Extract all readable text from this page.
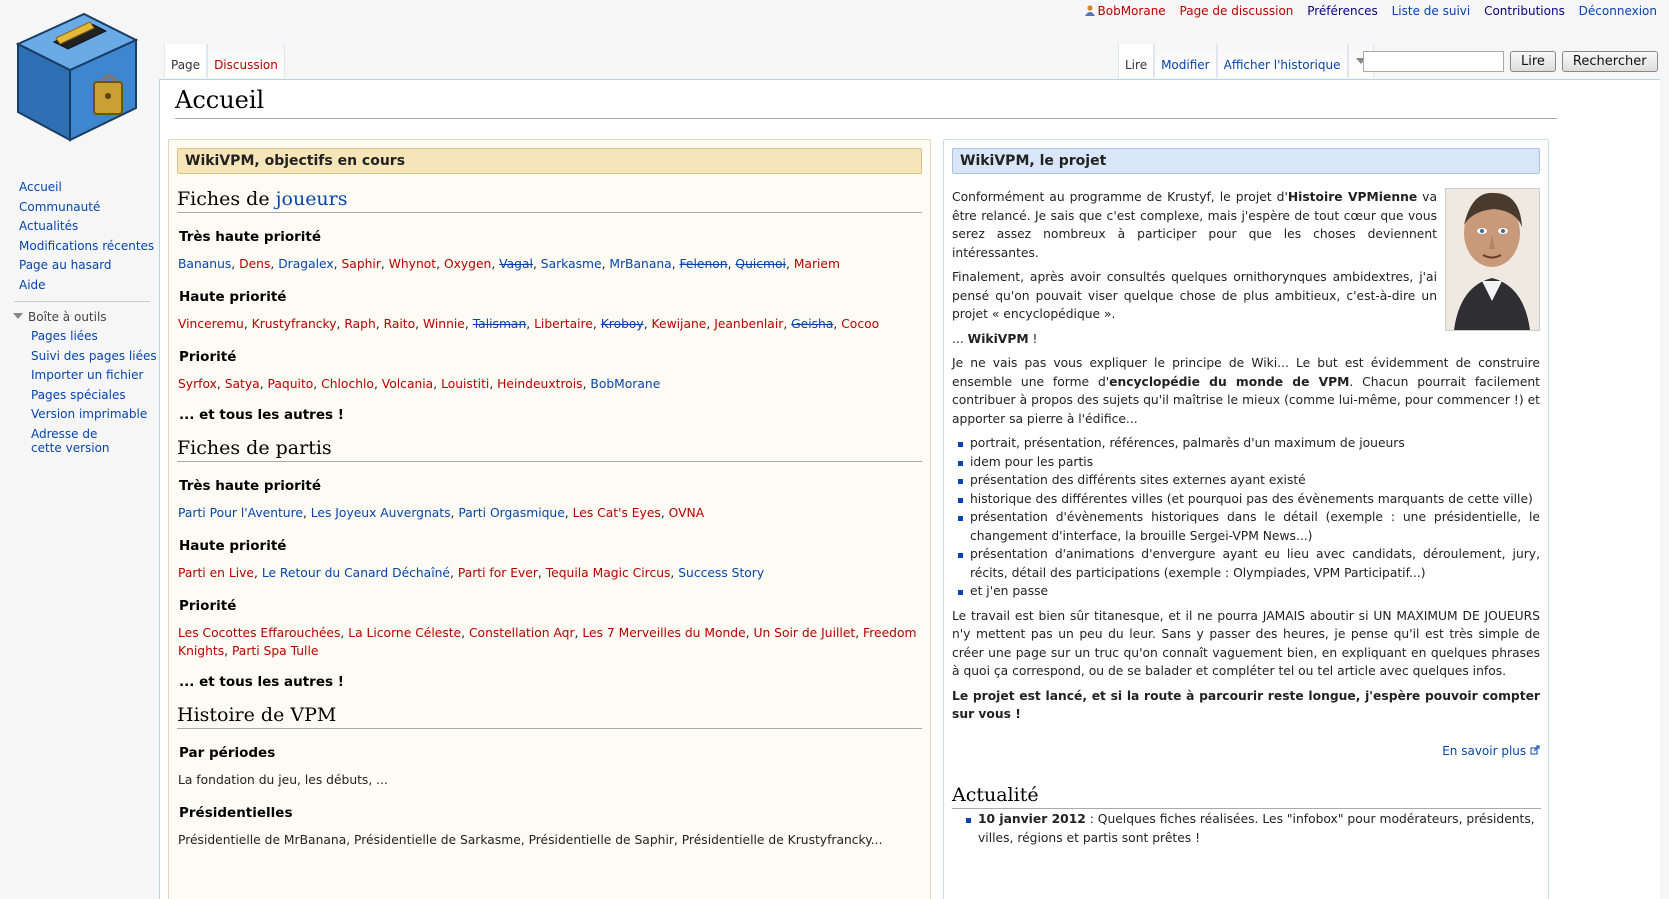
BobMorane Page de discussion Préférences Liste de suivi Contributions Déconnexion
Page	Discussion	Lire	Modifier	Afficher l'historique	Lire	Rechercher
Accueil
Communauté
Actualités
Modifications récentes
Page au hasard
Aide
Boîte à outils
Pages liées
Suivi des pages liées
Importer un fichier
Pages spéciales
Version imprimable
Adresse de cette version
Accueil
WikiVPM, objectifs en cours
Fiches de joueurs
Très haute priorité

Bananus, Dens, Dragalex, Saphir, Whynot, Oxygen, Vagal, Sarkasme, MrBanana, Felenon, Quicmoi, Mariem

Haute priorité

Vinceremu, Krustyfrancky, Raph, Raito, Winnie, Talisman, Libertaire, Kroboy, Kewijane, Jeanbenlair, Geisha, Cocoo

Priorité

Syrfox, Satya, Paquito, Chlochlo, Volcania, Louistiti, Heindeuxtrois, BobMorane

... et tous les autres !
Fiches de partis
Très haute priorité

Parti Pour l'Aventure, Les Joyeux Auvergnats, Parti Orgasmique, Les Cat's Eyes, OVNA

Haute priorité

Parti en Live, Le Retour du Canard Déchaîné, Parti for Ever, Tequila Magic Circus, Success Story

Priorité

Les Cocottes Effarouchées, La Licorne Céleste, Constellation Aqr, Les 7 Merveilles du Monde, Un Soir de Juillet, Freedom Knights, Parti Spa Tulle

... et tous les autres !
Histoire de VPM
Par périodes

La fondation du jeu, les débuts, ...

Présidentielles

Présidentielle de MrBanana, Présidentielle de Sarkasme, Présidentielle de Saphir, Présidentielle de Krustyfrancky...

WikiVPM, le projet

Conformément au programme de Krustyf, le projet d'Histoire VPMienne va être relancé. Je sais que c'est complexe, mais j'espère de tout cœur que vous serez assez nombreux à participer pour que les choses deviennent intéressantes.

Finalement, après avoir consultés quelques ornithorynques ambidextres, j'ai pensé qu'on pouvait viser quelque chose de plus ambitieux, c'est-à-dire un projet « encyclopédique ».

... WikiVPM !

Je ne vais pas vous expliquer le principe de Wiki... Le but est évidemment de construire ensemble une forme d'encyclopédie du monde de VPM. Chacun pourrait facilement contribuer à propos des sujets qu'il maîtrise le mieux (comme lui-même, pour commencer !) et apporter sa pierre à l'édifice...

portrait, présentation, références, palmarès d'un maximum de joueurs
idem pour les partis
présentation des différents sites externes ayant existé
historique des différentes villes (et pourquoi pas des évènements marquants de cette ville)
présentation d'évènements historiques dans le détail (exemple : une présidentielle, le changement d'interface, la brouille Sergei-VPM News...)
présentation d'animations d'envergure ayant eu lieu avec candidats, déroulement, jury, récits, détail des participations (exemple : Olympiades, VPM Participatif...)
et j'en passe

Le travail est bien sûr titanesque, et il ne pourra JAMAIS aboutir si UN MAXIMUM DE JOUEURS n'y mettent pas un peu du leur. Sans y passer des heures, je pense qu'il est très simple de créer une page sur un truc qu'on connaît vaguement bien, en expliquant en quelques phrases à quoi ça correspond, ou de se balader et compléter tel ou tel article avec quelques infos.

Le projet est lancé, et si la route à parcourir reste longue, j'espère pouvoir compter sur vous !

En savoir plus
Actualité
10 janvier 2012 : Quelques fiches réalisées. Les "infobox" pour modérateurs, présidents, villes, régions et partis sont prêtes !
